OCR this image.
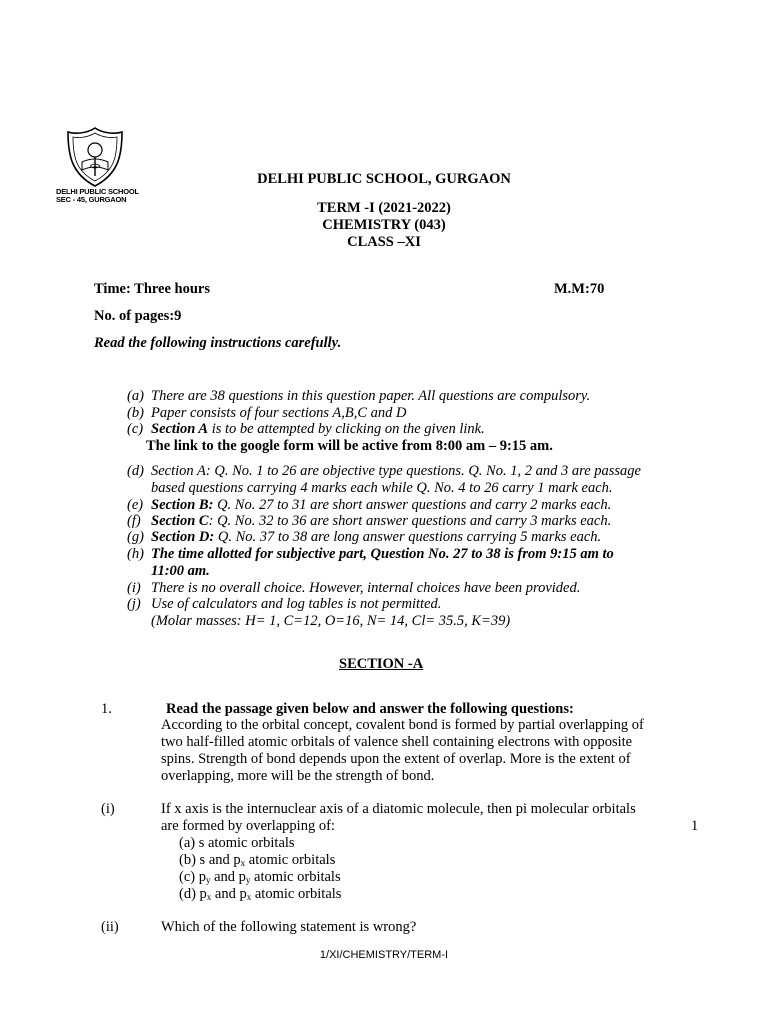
DELHI PUBLIC SCHOOL
SEC - 45, GURGAON
DELHI PUBLIC SCHOOL, GURGAON
TERM -I (2021-2022)
CHEMISTRY (043)
CLASS –XI
Time: Three hours	M.M:70
No. of pages:9
Read the following instructions carefully.
(a) There are 38 questions in this question paper. All questions are compulsory.
(b) Paper consists of four sections A,B,C and D
(c) Section A is to be attempted by clicking on the given link.
The link to the google form will be active from 8:00 am – 9:15 am.
(d) Section A: Q. No. 1 to 26 are objective type questions. Q. No. 1, 2 and 3 are passage
based questions carrying 4 marks each while Q. No. 4 to 26 carry 1 mark each.
(e) Section B: Q. No. 27 to 31 are short answer questions and carry 2 marks each.
(f) Section C: Q. No. 32 to 36 are short answer questions and carry 3 marks each.
(g) Section D: Q. No. 37 to 38 are long answer questions carrying 5 marks each.
(h) The time allotted for subjective part, Question No. 27 to 38 is from 9:15 am to
11:00 am.
(i) There is no overall choice. However, internal choices have been provided.
(j) Use of calculators and log tables is not permitted.
(Molar masses: H= 1, C=12, O=16, N= 14, Cl= 35.5, K=39)
SECTION -A
1.	Read the passage given below and answer the following questions:
According to the orbital concept, covalent bond is formed by partial overlapping of
two half-filled atomic orbitals of valence shell containing electrons with opposite
spins. Strength of bond depends upon the extent of overlap. More is the extent of
overlapping, more will be the strength of bond.
(i)	If x axis is the internuclear axis of a diatomic molecule, then pi molecular orbitals
are formed by overlapping of:	1
(a) s atomic orbitals
(b) s and $p_x$ atomic orbitals
(c) $p_y$ and $p_y$ atomic orbitals
(d) $p_x$ and $p_x$ atomic orbitals
(ii)	Which of the following statement is wrong?
1/XI/CHEMISTRY/TERM-I
